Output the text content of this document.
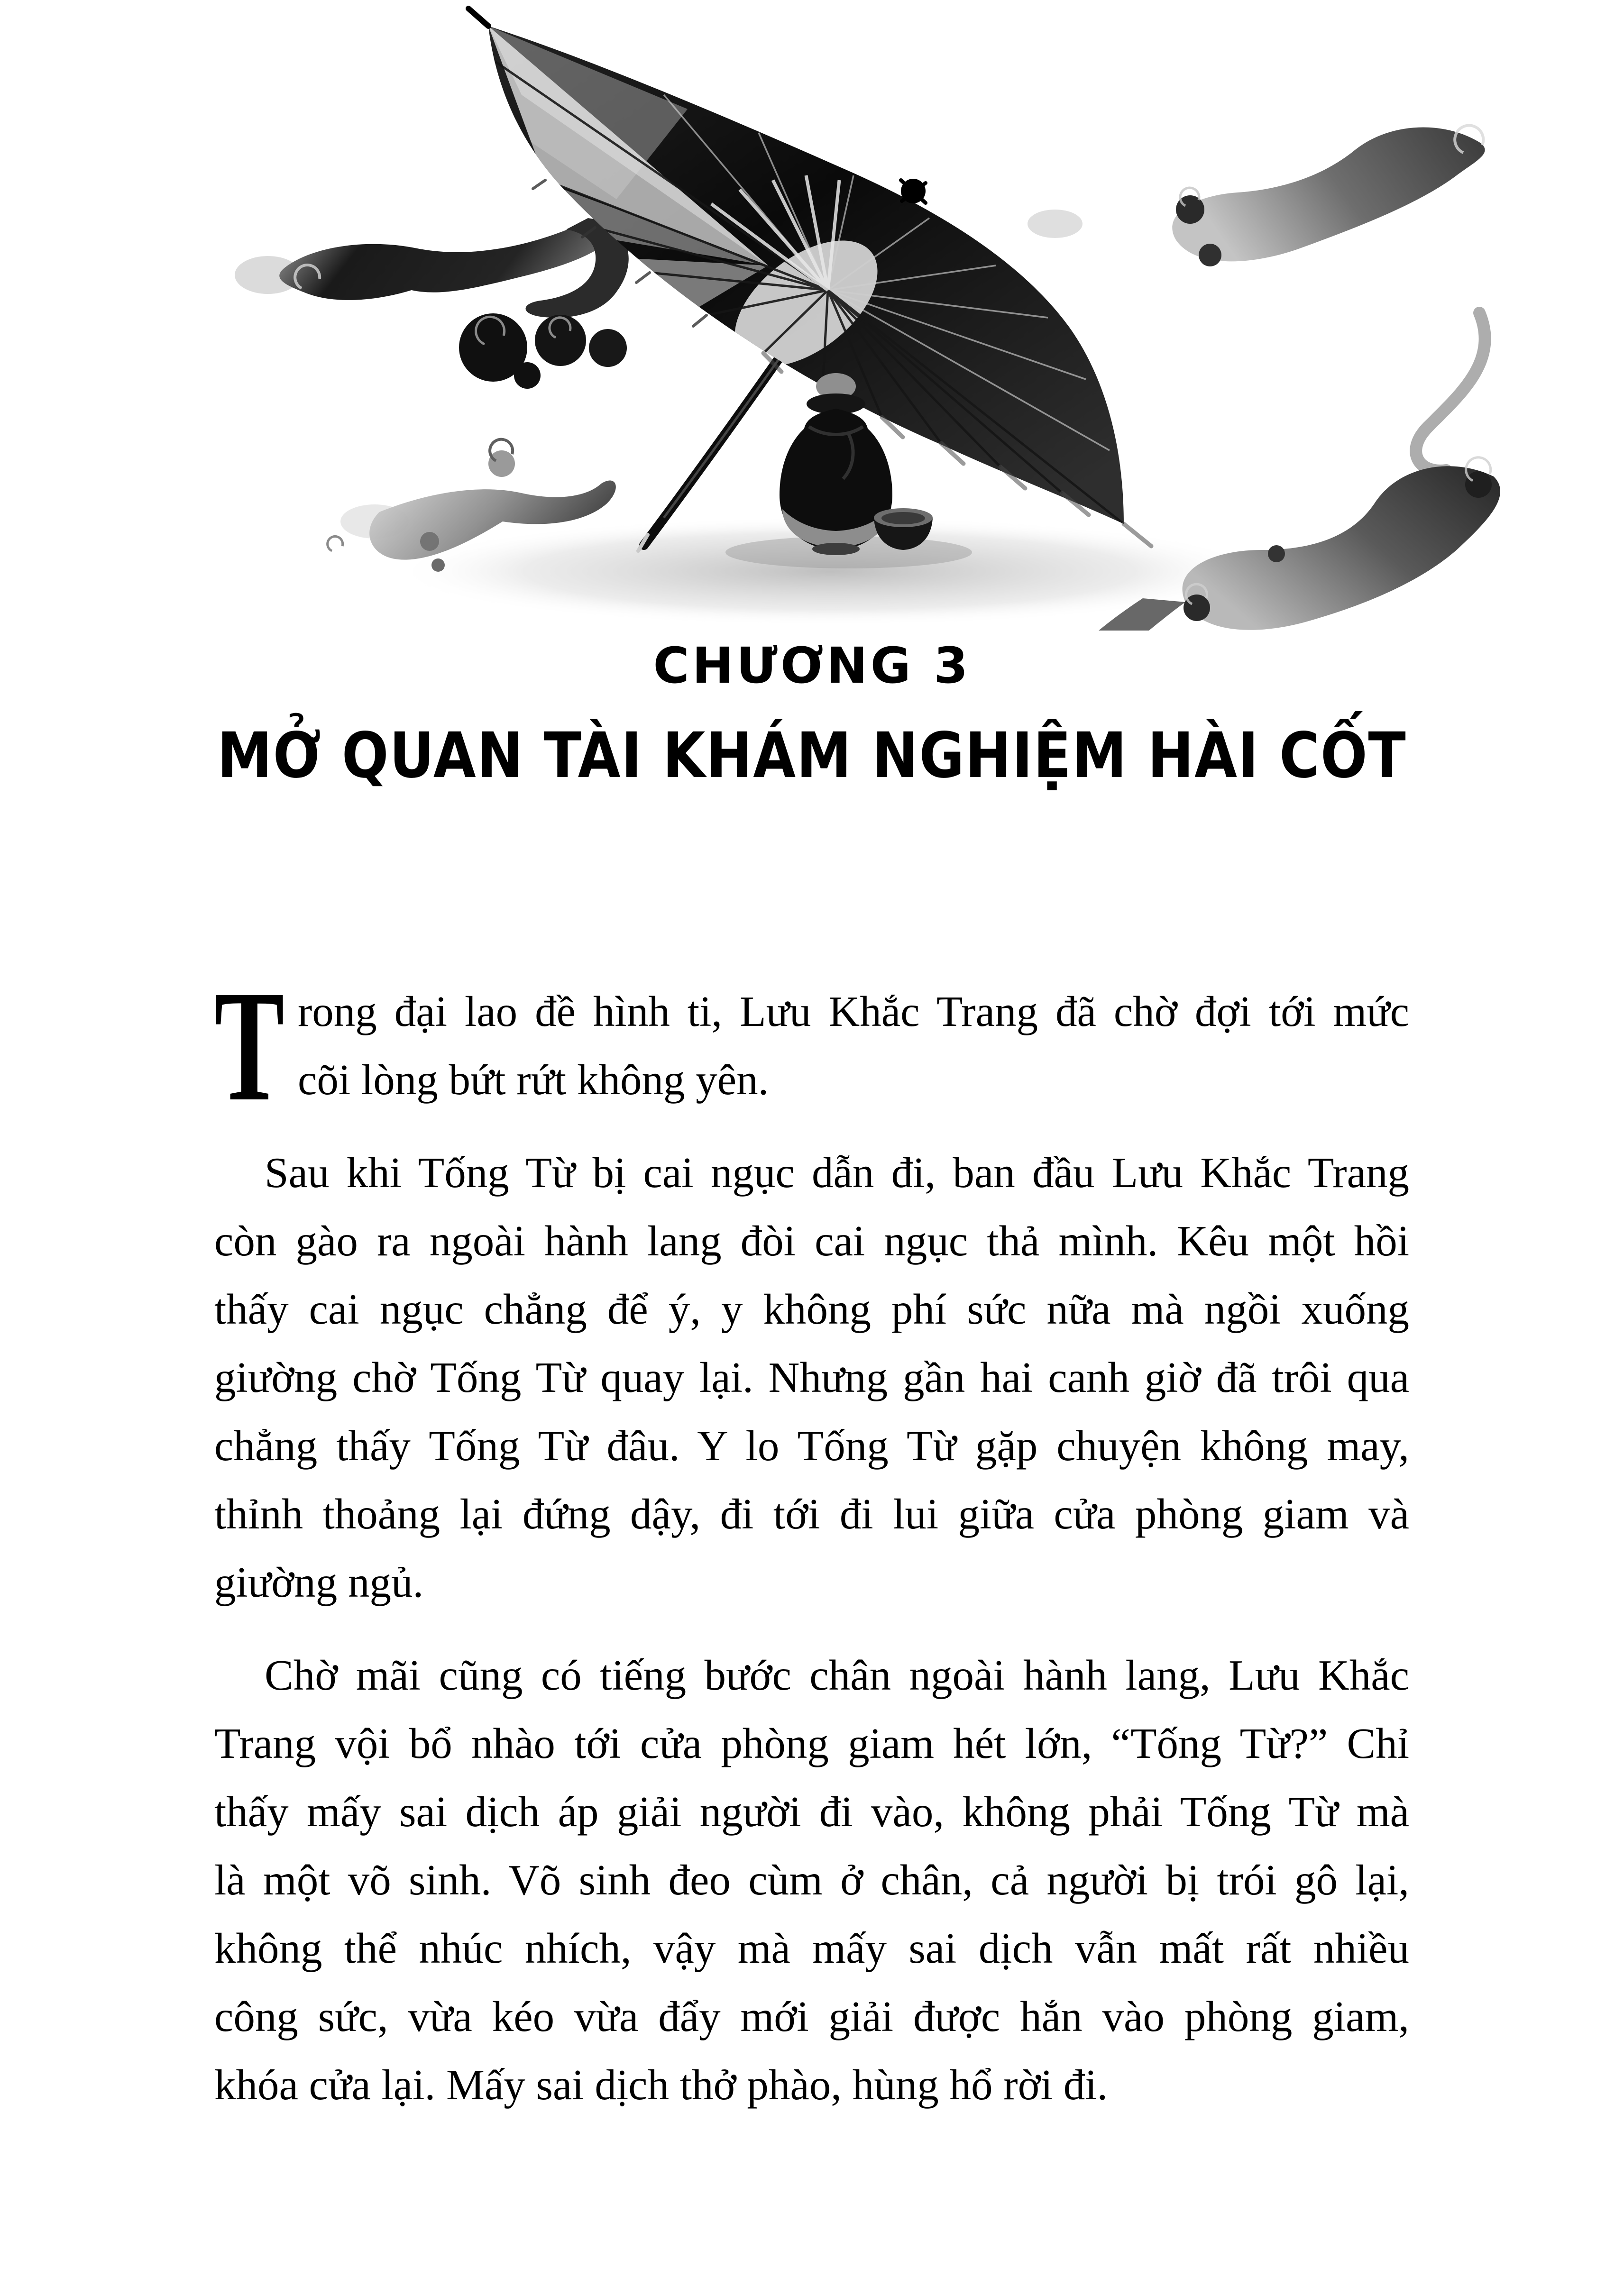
CHƯƠNG 3
MỞ QUAN TÀI KHÁM NGHIỆM HÀI CỐT
T rong đại lao đề hình ti, Lưu Khắc Trang đã chờ đợi tới mức
cõi lòng bứt rứt không yên.
Sau khi Tống Từ bị cai ngục dẫn đi, ban đầu Lưu Khắc Trang
còn gào ra ngoài hành lang đòi cai ngục thả mình. Kêu một hồi
thấy cai ngục chẳng để ý, y không phí sức nữa mà ngồi xuống
giường chờ Tống Từ quay lại. Nhưng gần hai canh giờ đã trôi qua
chẳng thấy Tống Từ đâu. Y lo Tống Từ gặp chuyện không may,
thỉnh thoảng lại đứng dậy, đi tới đi lui giữa cửa phòng giam và
giường ngủ.
Chờ mãi cũng có tiếng bước chân ngoài hành lang, Lưu Khắc
Trang vội bổ nhào tới cửa phòng giam hét lớn, “Tống Từ?” Chỉ
thấy mấy sai dịch áp giải người đi vào, không phải Tống Từ mà
là một võ sinh. Võ sinh đeo cùm ở chân, cả người bị trói gô lại,
không thể nhúc nhích, vậy mà mấy sai dịch vẫn mất rất nhiều
công sức, vừa kéo vừa đẩy mới giải được hắn vào phòng giam,
khóa cửa lại. Mấy sai dịch thở phào, hùng hổ rời đi.
